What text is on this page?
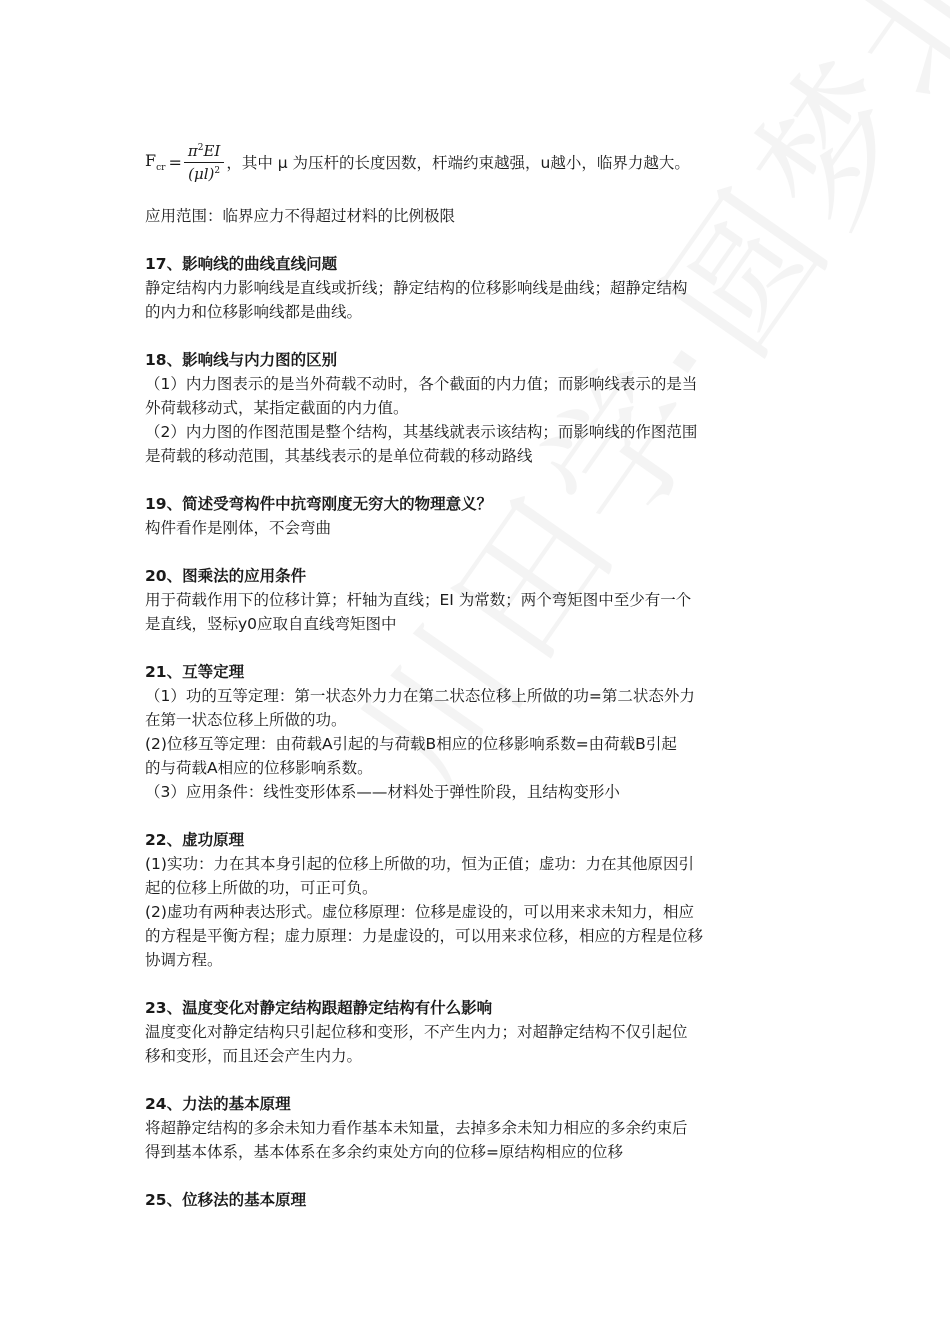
$F_{cr} = \frac{\pi^2EI}{(\mu l)^2}$ ，其中 μ 为压杆的长度因数，杆端约束越强，u越小，临界力越大。

应用范围：临界应力不得超过材料的比例极限

17、影响线的曲线直线问题

静定结构内力影响线是直线或折线；静定结构的位移影响线是曲线；超静定结构

的内力和位移影响线都是曲线。

18、影响线与内力图的区别

（1）内力图表示的是当外荷载不动时，各个截面的内力值；而影响线表示的是当

外荷载移动式，某指定截面的内力值。

（2）内力图的作图范围是整个结构，其基线就表示该结构；而影响线的作图范围

是荷载的移动范围，其基线表示的是单位荷载的移动路线

19、简述受弯构件中抗弯刚度无穷大的物理意义？

构件看作是刚体，不会弯曲

20、图乘法的应用条件

用于荷载作用下的位移计算；杆轴为直线；EI 为常数；两个弯矩图中至少有一个

是直线，竖标y0应取自直线弯矩图中

21、互等定理

（1）功的互等定理：第一状态外力力在第二状态位移上所做的功=第二状态外力

在第一状态位移上所做的功。

(2)位移互等定理：由荷载A引起的与荷载B相应的位移影响系数=由荷载B引起

的与荷载A相应的位移影响系数。

（3）应用条件：线性变形体系——材料处于弹性阶段，且结构变形小

22、虚功原理

(1)实功：力在其本身引起的位移上所做的功，恒为正值；虚功：力在其他原因引

起的位移上所做的功，可正可负。

(2)虚功有两种表达形式。虚位移原理：位移是虚设的，可以用来求未知力，相应

的方程是平衡方程；虚力原理：力是虚设的，可以用来求位移，相应的方程是位移

协调方程。

23、温度变化对静定结构跟超静定结构有什么影响

温度变化对静定结构只引起位移和变形，不产生内力；对超静定结构不仅引起位

移和变形，而且还会产生内力。

24、力法的基本原理

将超静定结构的多余未知力看作基本未知量，去掉多余未知力相应的多余约束后

得到基本体系，基本体系在多余约束处方向的位移=原结构相应的位移

25、位移法的基本原理
